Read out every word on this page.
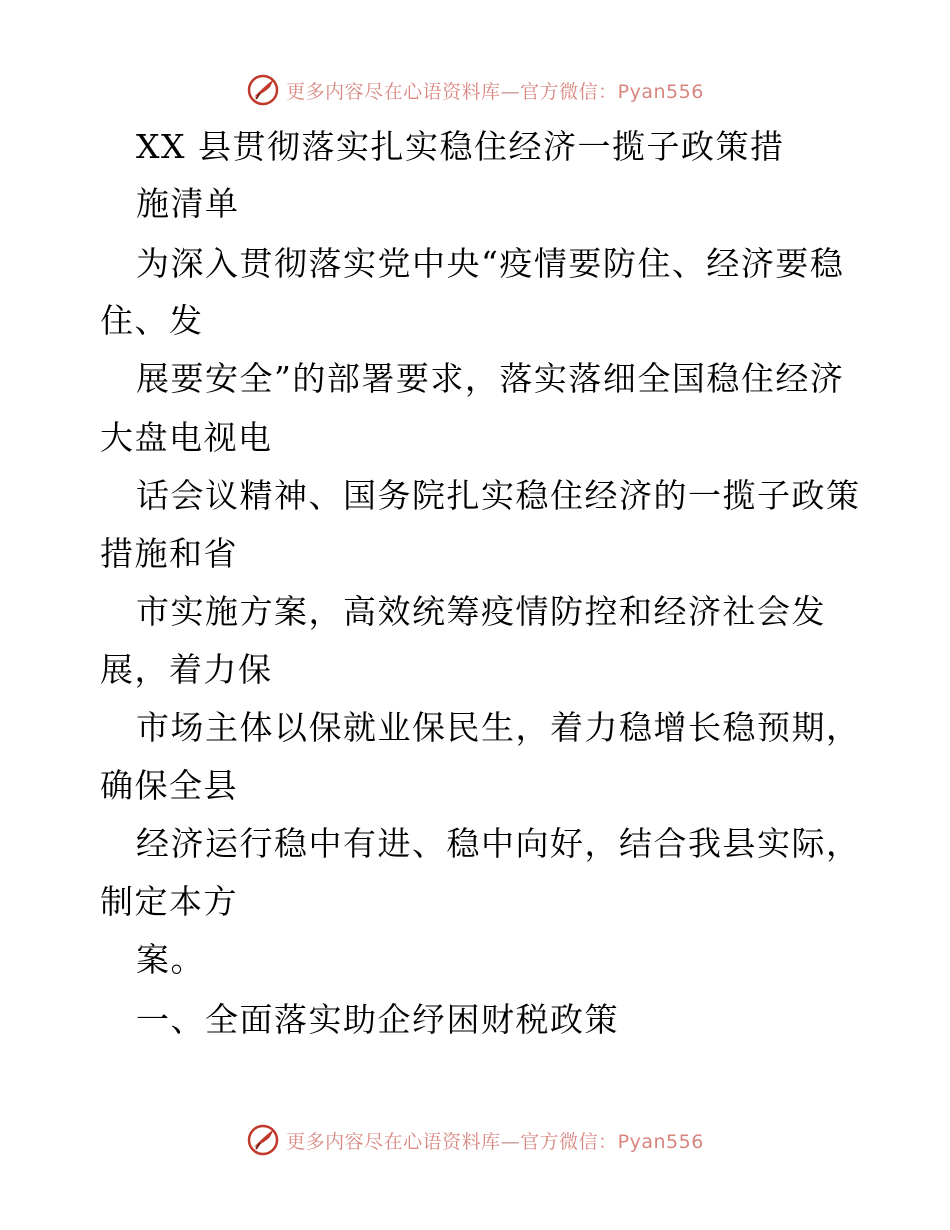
更多内容尽在心语资料库—官方微信：Pyan556
XX 县贯彻落实扎实稳住经济一揽子政策措
施清单
为深入贯彻落实党中央“疫情要防住、经济要稳
住、发
展要安全”的部署要求，落实落细全国稳住经济
大盘电视电
话会议精神、国务院扎实稳住经济的一揽子政策
措施和省
市实施方案，高效统筹疫情防控和经济社会发
展，着力保
市场主体以保就业保民生，着力稳增长稳预期，
确保全县
经济运行稳中有进、稳中向好，结合我县实际，
制定本方
案。
一、全面落实助企纾困财税政策
更多内容尽在心语资料库—官方微信：Pyan556
